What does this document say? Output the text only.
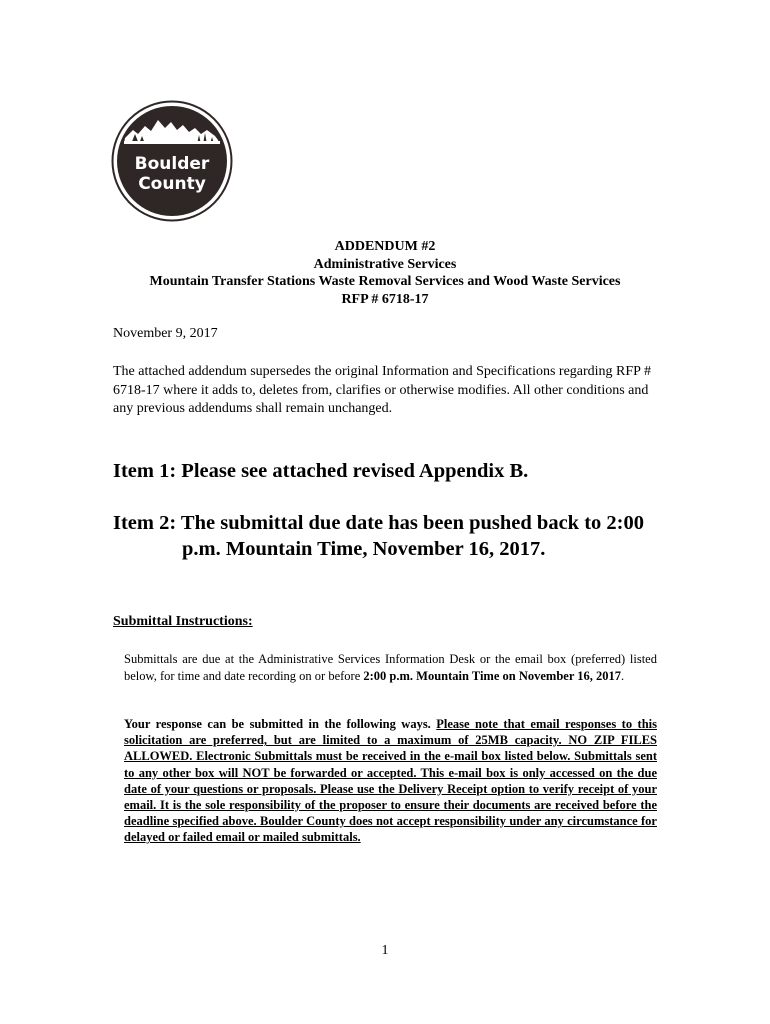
Boulder
County
ADDENDUM #2
Administrative Services
Mountain Transfer Stations Waste Removal Services and Wood Waste Services
RFP # 6718-17
November 9, 2017
The attached addendum supersedes the original Information and Specifications regarding RFP # 6718-17 where it adds to, deletes from, clarifies or otherwise modifies. All other conditions and any previous addendums shall remain unchanged.
Item 1: Please see attached revised Appendix B.
Item 2: The submittal due date has been pushed back to 2:00
p.m. Mountain Time, November 16, 2017.
Submittal Instructions:
Submittals are due at the Administrative Services Information Desk or the email box (preferred) listed below, for time and date recording on or before 2:00 p.m. Mountain Time on November 16, 2017.
Your response can be submitted in the following ways. Please note that email responses to this solicitation are preferred, but are limited to a maximum of 25MB capacity. NO ZIP FILES ALLOWED. Electronic Submittals must be received in the e-mail box listed below. Submittals sent to any other box will NOT be forwarded or accepted. This e-mail box is only accessed on the due date of your questions or proposals. Please use the Delivery Receipt option to verify receipt of your email. It is the sole responsibility of the proposer to ensure their documents are received before the deadline specified above. Boulder County does not accept responsibility under any circumstance for delayed or failed email or mailed submittals.
1
